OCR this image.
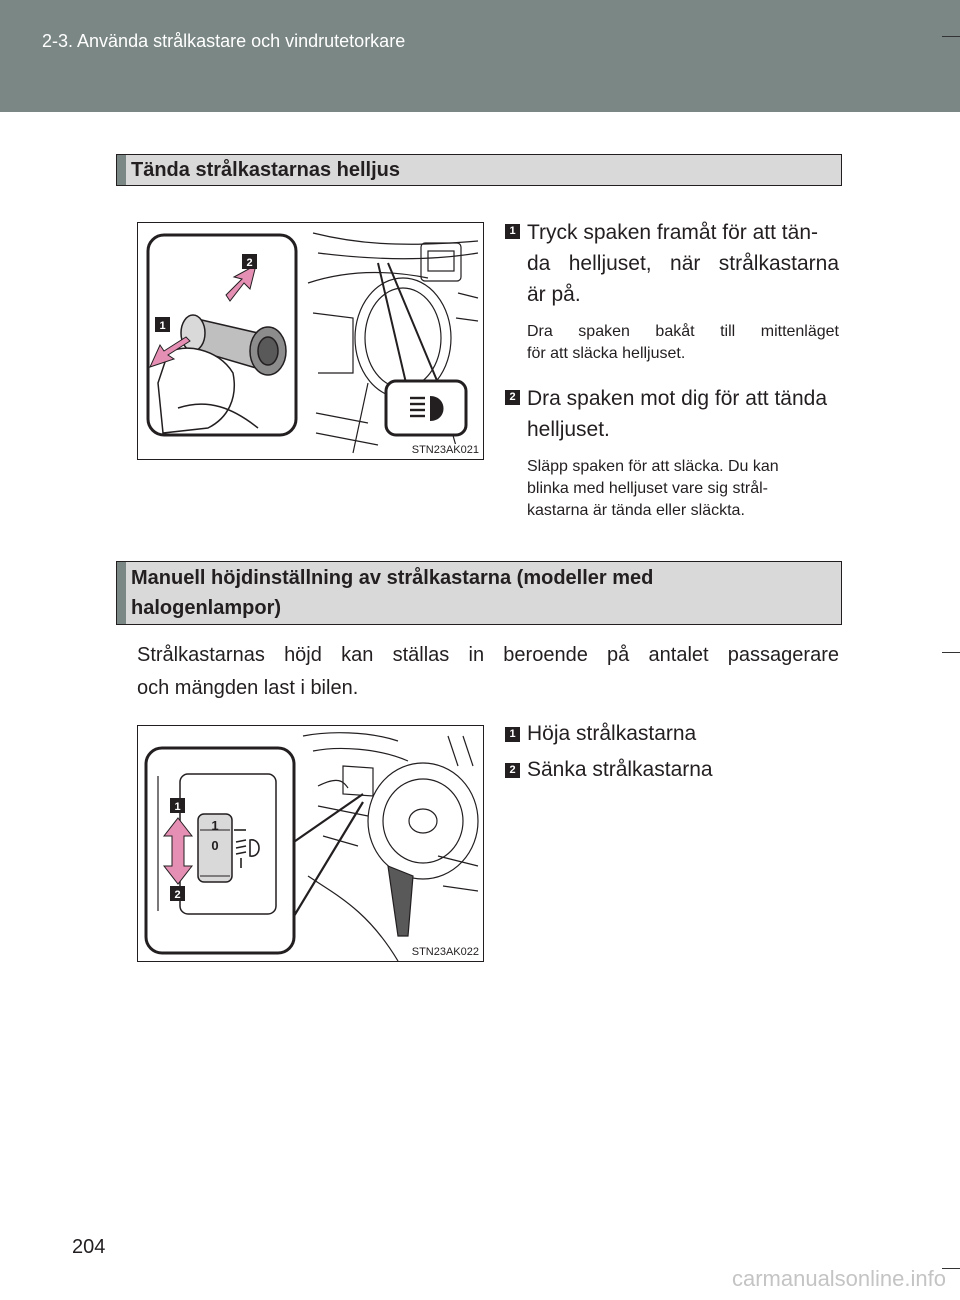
2-3. Använda strålkastare och vindrutetorkare
Tända strålkastarnas helljus
2
1
STN23AK021
1 Tryck spaken framåt för att tän-
da helljuset, när strålkastarna
är på.
Dra spaken bakåt till mittenläget
för att släcka helljuset.
2 Dra spaken mot dig för att tända
helljuset.
Släpp spaken för att släcka. Du kan
blinka med helljuset vare sig strål-
kastarna är tända eller släckta.
Manuell höjdinställning av strålkastarna (modeller med
halogenlampor)
Strålkastarnas höjd kan ställas in beroende på antalet passagerare
och mängden last i bilen.
1
0
1
2
STN23AK022
1 Höja strålkastarna
2 Sänka strålkastarna
204
carmanualsonline.info
